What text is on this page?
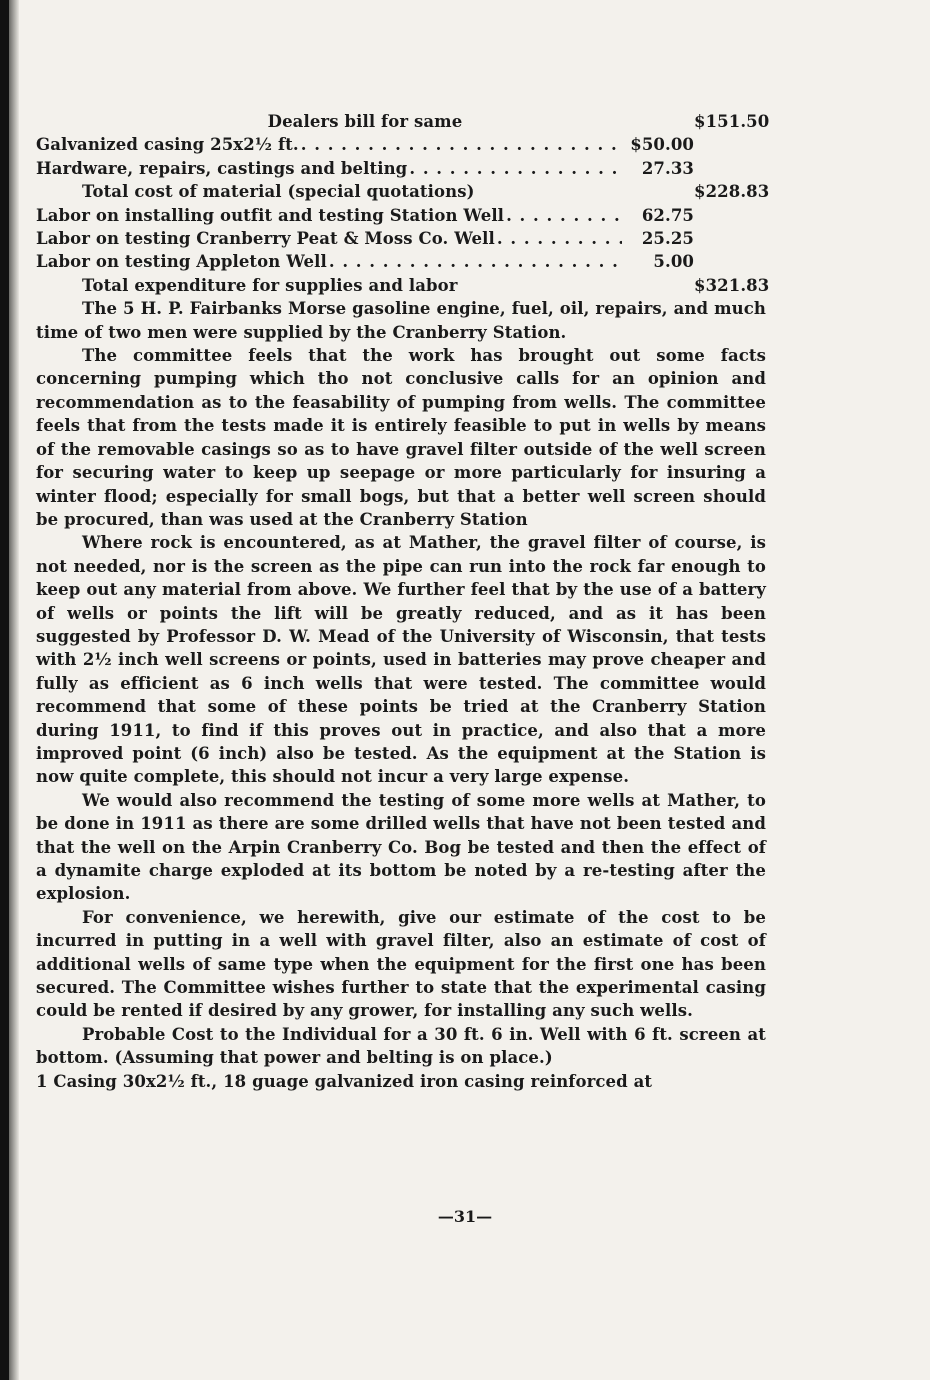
Dealers bill for same	$151.50
Galvanized casing 25x2½ ft. . . .	$50.00
Hardware, repairs, castings and belting . . .	27.33
Total cost of material (special quotations)	$228.83
Labor on installing outfit and testing Station Well . . .	62.75
Labor on testing Cranberry Peat & Moss Co. Well . . .	25.25
Labor on testing Appleton Well . . .	5.00
Total expenditure for supplies and labor	$321.83

The 5 H. P. Fairbanks Morse gasoline engine, fuel, oil, repairs, and much time of two men were supplied by the Cranberry Station.

The committee feels that the work has brought out some facts concerning pumping which tho not conclusive calls for an opinion and recommendation as to the feasability of pumping from wells. The committee feels that from the tests made it is entirely feasible to put in wells by means of the removable casings so as to have gravel filter outside of the well screen for securing water to keep up seepage or more particularly for insuring a winter flood; especially for small bogs, but that a better well screen should be procured, than was used at the Cranberry Station

Where rock is encountered, as at Mather, the gravel filter of course, is not needed, nor is the screen as the pipe can run into the rock far enough to keep out any material from above. We further feel that by the use of a battery of wells or points the lift will be greatly reduced, and as it has been suggested by Professor D. W. Mead of the University of Wisconsin, that tests with 2½ inch well screens or points, used in batteries may prove cheaper and fully as efficient as 6 inch wells that were tested. The committee would recommend that some of these points be tried at the Cranberry Station during 1911, to find if this proves out in practice, and also that a more improved point (6 inch) also be tested. As the equipment at the Station is now quite complete, this should not incur a very large expense.

We would also recommend the testing of some more wells at Mather, to be done in 1911 as there are some drilled wells that have not been tested and that the well on the Arpin Cranberry Co. Bog be tested and then the effect of a dynamite charge exploded at its bottom be noted by a re-testing after the explosion.

For convenience, we herewith, give our estimate of the cost to be incurred in putting in a well with gravel filter, also an estimate of cost of additional wells of same type when the equipment for the first one has been secured. The Committee wishes further to state that the experimental casing could be rented if desired by any grower, for installing any such wells.

Probable Cost to the Individual for a 30 ft. 6 in. Well with 6 ft. screen at bottom. (Assuming that power and belting is on place.)

1 Casing 30x2½ ft., 18 guage galvanized iron casing reinforced at
—31—
